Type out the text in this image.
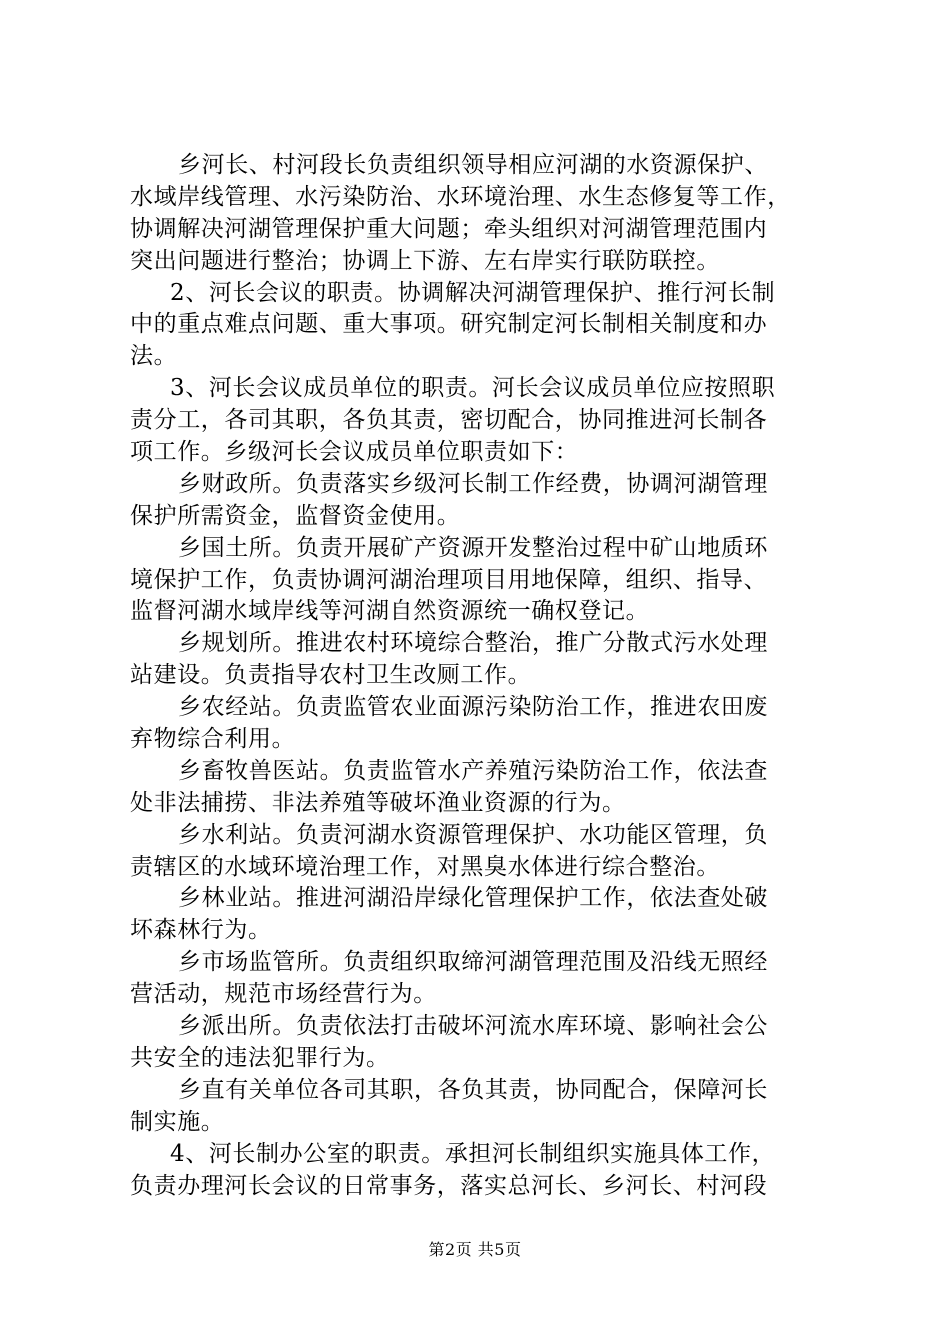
乡河长、村河段长负责组织领导相应河湖的水资源保护、
水域岸线管理、水污染防治、水环境治理、水生态修复等工作，
协调解决河湖管理保护重大问题；牵头组织对河湖管理范围内
突出问题进行整治；协调上下游、左右岸实行联防联控。
2、河长会议的职责。协调解决河湖管理保护、推行河长制
中的重点难点问题、重大事项。研究制定河长制相关制度和办
法。
3、河长会议成员单位的职责。河长会议成员单位应按照职
责分工，各司其职，各负其责，密切配合，协同推进河长制各
项工作。乡级河长会议成员单位职责如下：
乡财政所。负责落实乡级河长制工作经费，协调河湖管理
保护所需资金，监督资金使用。
乡国土所。负责开展矿产资源开发整治过程中矿山地质环
境保护工作，负责协调河湖治理项目用地保障，组织、指导、
监督河湖水域岸线等河湖自然资源统一确权登记。
乡规划所。推进农村环境综合整治，推广分散式污水处理
站建设。负责指导农村卫生改厕工作。
乡农经站。负责监管农业面源污染防治工作，推进农田废
弃物综合利用。
乡畜牧兽医站。负责监管水产养殖污染防治工作，依法查
处非法捕捞、非法养殖等破坏渔业资源的行为。
乡水利站。负责河湖水资源管理保护、水功能区管理，负
责辖区的水域环境治理工作，对黑臭水体进行综合整治。
乡林业站。推进河湖沿岸绿化管理保护工作，依法查处破
坏森林行为。
乡市场监管所。负责组织取缔河湖管理范围及沿线无照经
营活动，规范市场经营行为。
乡派出所。负责依法打击破坏河流水库环境、影响社会公
共安全的违法犯罪行为。
乡直有关单位各司其职，各负其责，协同配合，保障河长
制实施。
4、河长制办公室的职责。承担河长制组织实施具体工作，
负责办理河长会议的日常事务，落实总河长、乡河长、村河段
第2页 共5页
